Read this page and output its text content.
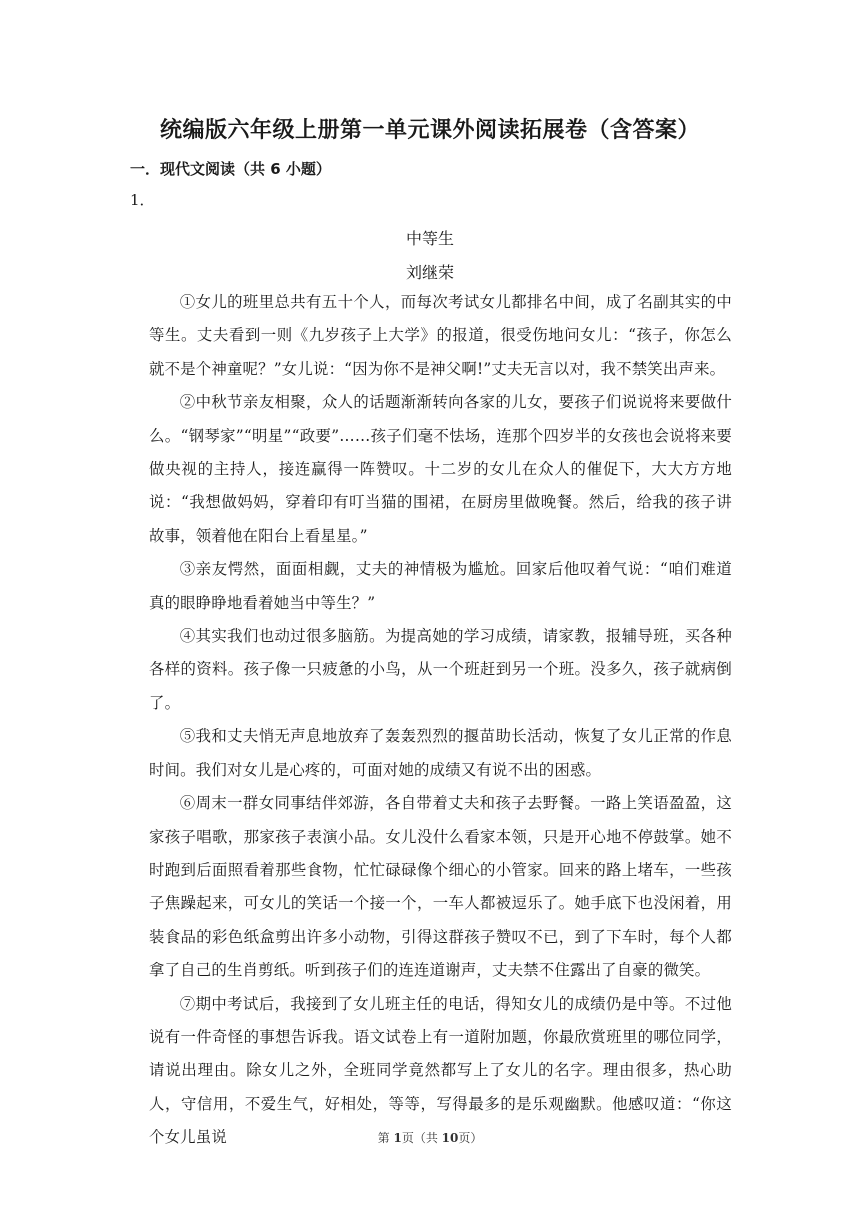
统编版六年级上册第一单元课外阅读拓展卷（含答案）
一．现代文阅读（共 6 小题）
1．
中等生
刘继荣

①女儿的班里总共有五十个人，而每次考试女儿都排名中间，成了名副其实的中等生。丈夫看到一则《九岁孩子上大学》的报道，很受伤地问女儿：“孩子，你怎么就不是个神童呢？”女儿说：“因为你不是神父啊!”丈夫无言以对，我不禁笑出声来。

②中秋节亲友相聚，众人的话题渐渐转向各家的儿女，要孩子们说说将来要做什么。“钢琴家”“明星”“政要”……孩子们毫不怯场，连那个四岁半的女孩也会说将来要做央视的主持人，接连赢得一阵赞叹。十二岁的女儿在众人的催促下，大大方方地说：“我想做妈妈，穿着印有叮当猫的围裙，在厨房里做晚餐。然后，给我的孩子讲故事，领着他在阳台上看星星。”

③亲友愕然，面面相觑，丈夫的神情极为尴尬。回家后他叹着气说：“咱们难道真的眼睁睁地看着她当中等生？”

④其实我们也动过很多脑筋。为提高她的学习成绩，请家教，报辅导班，买各种各样的资料。孩子像一只疲惫的小鸟，从一个班赶到另一个班。没多久，孩子就病倒了。

⑤我和丈夫悄无声息地放弃了轰轰烈烈的揠苗助长活动，恢复了女儿正常的作息时间。我们对女儿是心疼的，可面对她的成绩又有说不出的困惑。

⑥周末一群女同事结伴郊游，各自带着丈夫和孩子去野餐。一路上笑语盈盈，这家孩子唱歌，那家孩子表演小品。女儿没什么看家本领，只是开心地不停鼓掌。她不时跑到后面照看着那些食物，忙忙碌碌像个细心的小管家。回来的路上堵车，一些孩子焦躁起来，可女儿的笑话一个接一个，一车人都被逗乐了。她手底下也没闲着，用装食品的彩色纸盒剪出许多小动物，引得这群孩子赞叹不已，到了下车时，每个人都拿了自己的生肖剪纸。听到孩子们的连连道谢声，丈夫禁不住露出了自豪的微笑。

⑦期中考试后，我接到了女儿班主任的电话，得知女儿的成绩仍是中等。不过他说有一件奇怪的事想告诉我。语文试卷上有一道附加题，你最欣赏班里的哪位同学，请说出理由。除女儿之外，全班同学竟然都写上了女儿的名字。理由很多，热心助人，守信用，不爱生气，好相处，等等，写得最多的是乐观幽默。他感叹道：“你这个女儿虽说	第 1页（共 10页）
